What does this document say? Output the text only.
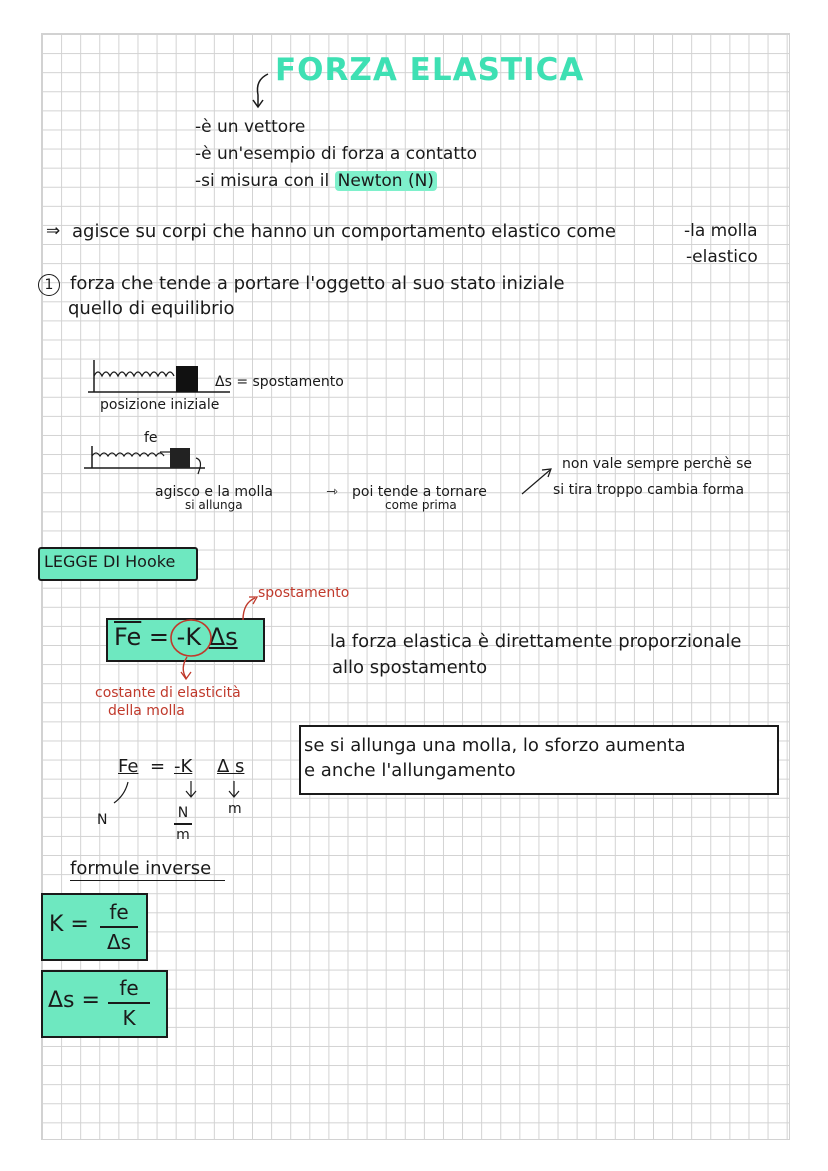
FORZA ELASTICA
-è un vettore
-è un'esempio di forza a contatto
-si misura con il Newton (N)
⇒ agisce su corpi che hanno un comportamento elastico come	-la molla
-elastico
1 forza che tende a portare l'oggetto al suo stato iniziale
quello di equilibrio
Δs = spostamento
posizione iniziale
fe
agisco e la molla
si allunga
⇾ poi tende a tornare
come prima
non vale sempre perchè se
si tira troppo cambia forma
LEGGE DI Hooke
$\overline{Fe} = -K$ Δs
spostamento
costante di elasticità
della molla
la forza elastica è direttamente proporzionale
allo spostamento
se si allunga una molla, lo sforzo aumenta
e anche l'allungamento
Fe = -K Δ s
N	N
m
m
formule inverse
K =	fe
Δs
Δs = fe
K
